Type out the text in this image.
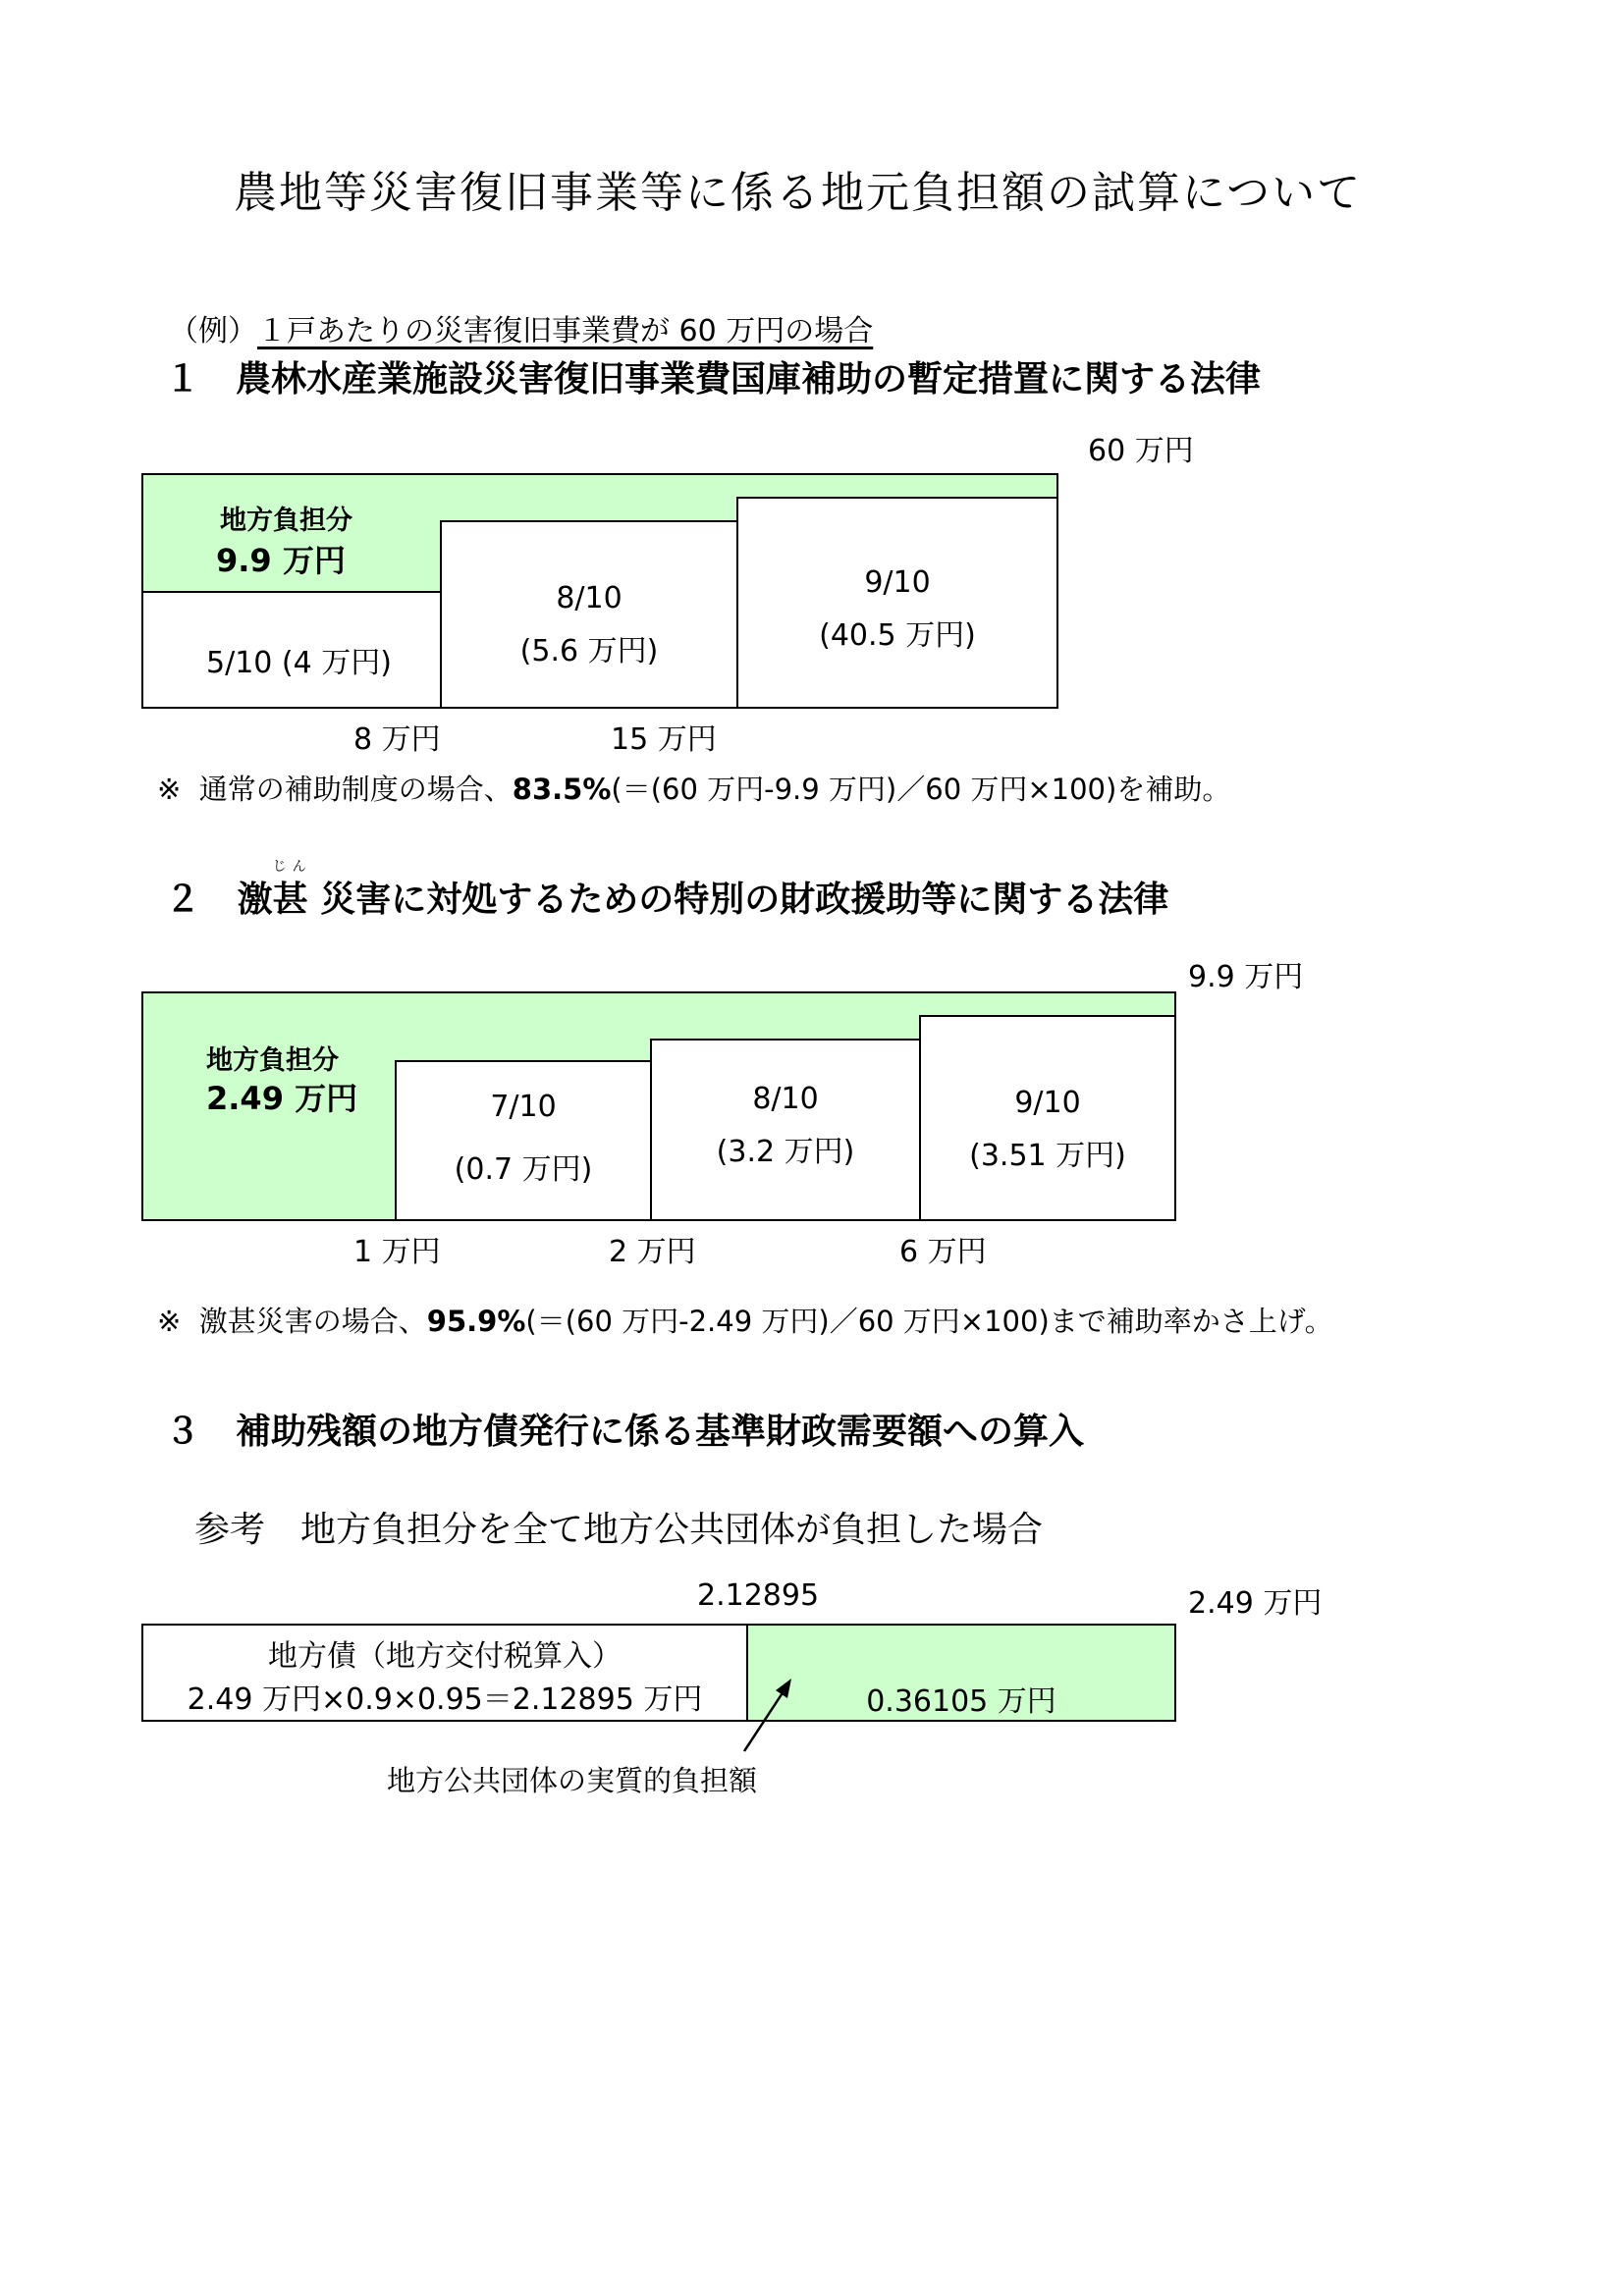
農地等災害復旧事業等に係る地元負担額の試算について
（例）１戸あたりの災害復旧事業費が 60 万円の場合
１　農林水産業施設災害復旧事業費国庫補助の暫定措置に関する法律
60 万円
地方負担分
9.9 万円
5/10 (4 万円)
8/10
(5.6 万円)
9/10
(40.5 万円)
8 万円	15 万円
※ 通常の補助制度の場合、83.5%(＝(60 万円-9.9 万円)／60 万円×100)を補助。
２ 激
じ ん
甚 災害に対処するための特別の財政援助等に関する法律
9.9 万円
地方負担分
2.49 万円	7/10
(0.7 万円)
8/10
(3.2 万円)
9/10
(3.51 万円)
1 万円	2 万円	6 万円
※ 激甚災害の場合、95.9%(＝(60 万円-2.49 万円)／60 万円×100)まで補助率かさ上げ。
３　補助残額の地方債発行に係る基準財政需要額への算入
参考　地方負担分を全て地方公共団体が負担した場合
2.12895	2.49 万円
地方債（地方交付税算入）
2.49 万円×0.9×0.95＝2.12895 万円	0.36105 万円
地方公共団体の実質的負担額
